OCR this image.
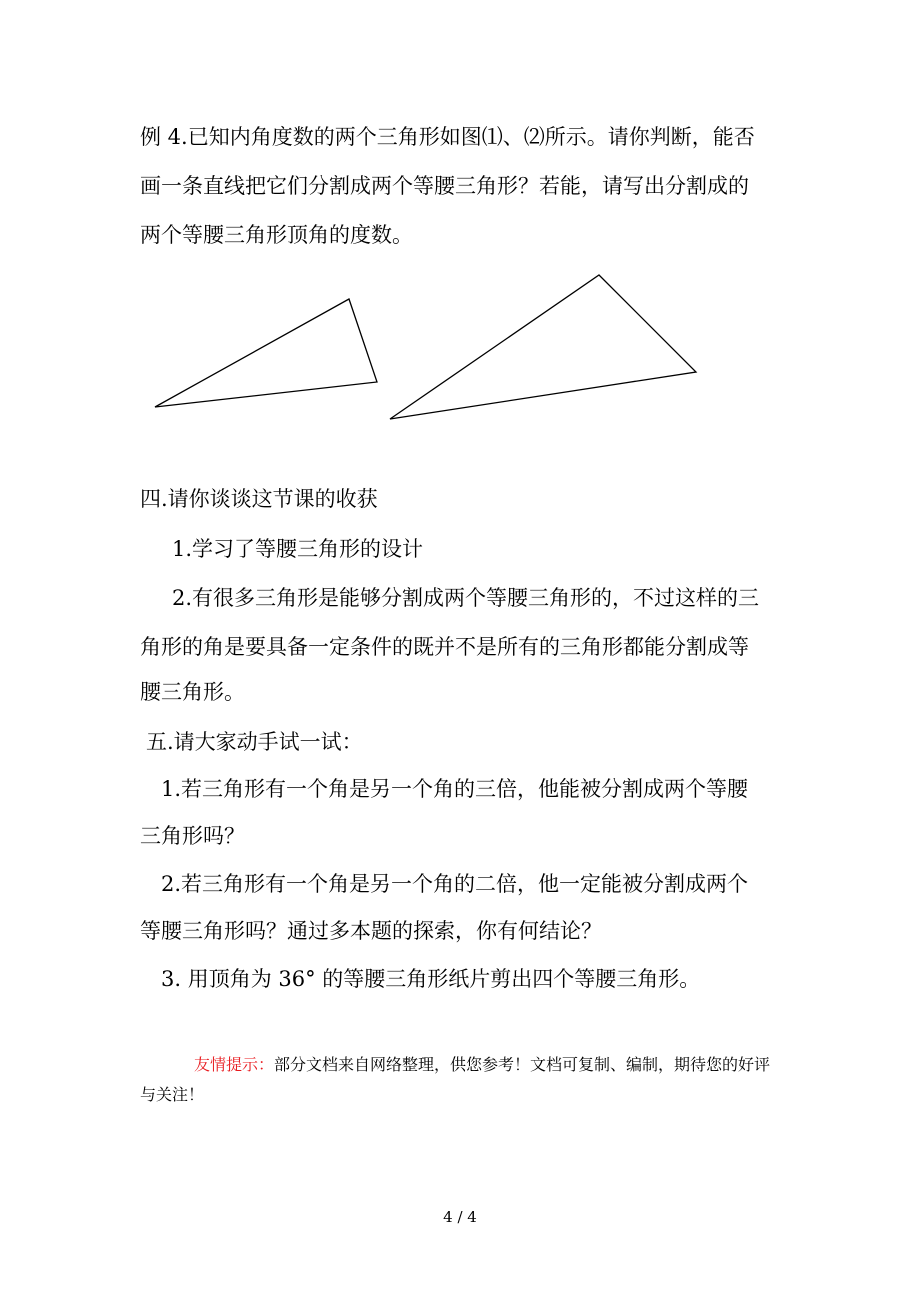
例 4.已知内角度数的两个三角形如图⑴、⑵所示。请你判断，能否
画一条直线把它们分割成两个等腰三角形？若能，请写出分割成的
两个等腰三角形顶角的度数。
四.请你谈谈这节课的收获
1.学习了等腰三角形的设计
2.有很多三角形是能够分割成两个等腰三角形的，不过这样的三
角形的角是要具备一定条件的既并不是所有的三角形都能分割成等
腰三角形。
五.请大家动手试一试：
1.若三角形有一个角是另一个角的三倍，他能被分割成两个等腰
三角形吗？
2.若三角形有一个角是另一个角的二倍，他一定能被分割成两个
等腰三角形吗？通过多本题的探索，你有何结论？
3. 用顶角为 36° 的等腰三角形纸片剪出四个等腰三角形。
友情提示：部分文档来自网络整理，供您参考！文档可复制、编制，期待您的好评与关注！
4 / 4
